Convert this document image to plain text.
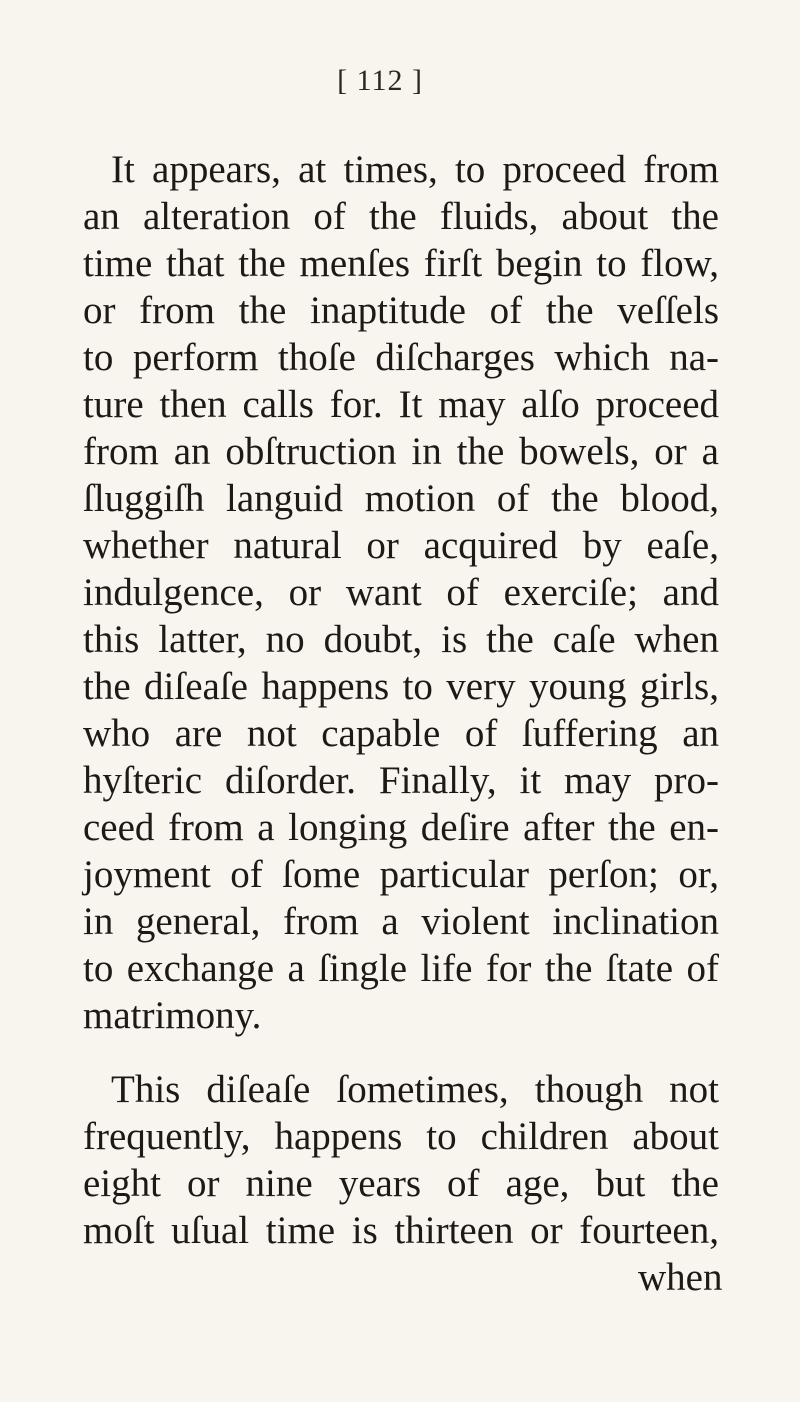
[ 112 ]
It appears, at times, to proceed from
an alteration of the fluids, about the
time that the menſes firſt begin to flow,
or from the inaptitude of the veſſels
to perform thoſe diſcharges which na-
ture then calls for. It may alſo proceed
from an obſtruction in the bowels, or a
ſluggiſh languid motion of the blood,
whether natural or acquired by eaſe,
indulgence, or want of exerciſe; and
this latter, no doubt, is the caſe when
the diſeaſe happens to very young girls,
who are not capable of ſuffering an
hyſteric diſorder. Finally, it may pro-
ceed from a longing deſire after the en-
joyment of ſome particular perſon; or,
in general, from a violent inclination
to exchange a ſingle life for the ſtate of
matrimony.
This diſeaſe ſometimes, though not
frequently, happens to children about
eight or nine years of age, but the
moſt uſual time is thirteen or fourteen,
when
